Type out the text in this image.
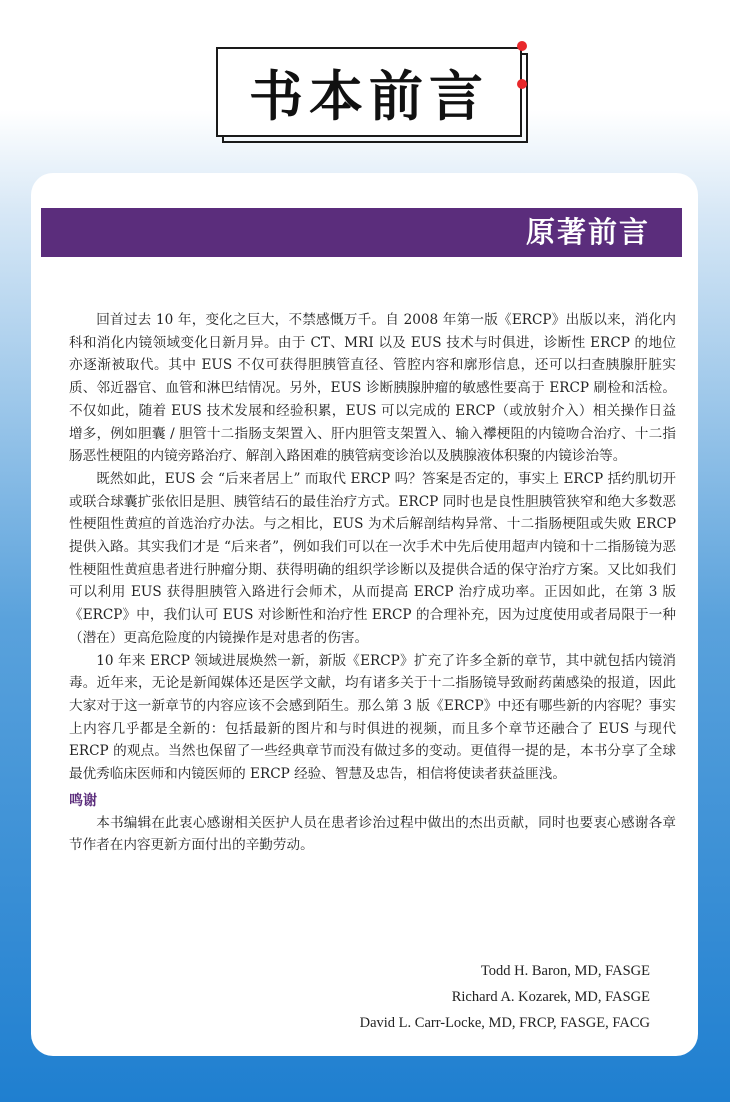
书本前言
原著前言

回首过去 10 年，变化之巨大，不禁感慨万千。自 2008 年第一版《ERCP》出版以来，消化内科和消化内镜领域变化日新月异。由于 CT、MRI 以及 EUS 技术与时俱进，诊断性 ERCP 的地位亦逐渐被取代。其中 EUS 不仅可获得胆胰管直径、管腔内容和廓形信息，还可以扫查胰腺肝脏实质、邻近器官、血管和淋巴结情况。另外，EUS 诊断胰腺肿瘤的敏感性要高于 ERCP 刷检和活检。不仅如此，随着 EUS 技术发展和经验积累，EUS 可以完成的 ERCP（或放射介入）相关操作日益增多，例如胆囊 / 胆管十二指肠支架置入、肝内胆管支架置入、输入襻梗阻的内镜吻合治疗、十二指肠恶性梗阻的内镜旁路治疗、解剖入路困难的胰管病变诊治以及胰腺液体积聚的内镜诊治等。

既然如此，EUS 会 “后来者居上” 而取代 ERCP 吗？答案是否定的，事实上 ERCP 括约肌切开或联合球囊扩张依旧是胆、胰管结石的最佳治疗方式。ERCP 同时也是良性胆胰管狭窄和绝大多数恶性梗阻性黄疸的首选治疗办法。与之相比，EUS 为术后解剖结构异常、十二指肠梗阻或失败 ERCP 提供入路。其实我们才是 “后来者”，例如我们可以在一次手术中先后使用超声内镜和十二指肠镜为恶性梗阻性黄疸患者进行肿瘤分期、获得明确的组织学诊断以及提供合适的保守治疗方案。又比如我们可以利用 EUS 获得胆胰管入路进行会师术，从而提高 ERCP 治疗成功率。正因如此，在第 3 版《ERCP》中，我们认可 EUS 对诊断性和治疗性 ERCP 的合理补充，因为过度使用或者局限于一种（潜在）更高危险度的内镜操作是对患者的伤害。

10 年来 ERCP 领域进展焕然一新，新版《ERCP》扩充了许多全新的章节，其中就包括内镜消毒。近年来，无论是新闻媒体还是医学文献，均有诸多关于十二指肠镜导致耐药菌感染的报道，因此大家对于这一新章节的内容应该不会感到陌生。那么第 3 版《ERCP》中还有哪些新的内容呢？事实上内容几乎都是全新的：包括最新的图片和与时俱进的视频，而且多个章节还融合了 EUS 与现代 ERCP 的观点。当然也保留了一些经典章节而没有做过多的变动。更值得一提的是，本书分享了全球最优秀临床医师和内镜医师的 ERCP 经验、智慧及忠告，相信将使读者获益匪浅。

鸣谢

本书编辑在此衷心感谢相关医护人员在患者诊治过程中做出的杰出贡献，同时也要衷心感谢各章节作者在内容更新方面付出的辛勤劳动。

Todd H. Baron, MD, FASGE
Richard A. Kozarek, MD, FASGE
David L. Carr-Locke, MD, FRCP, FASGE, FACG
